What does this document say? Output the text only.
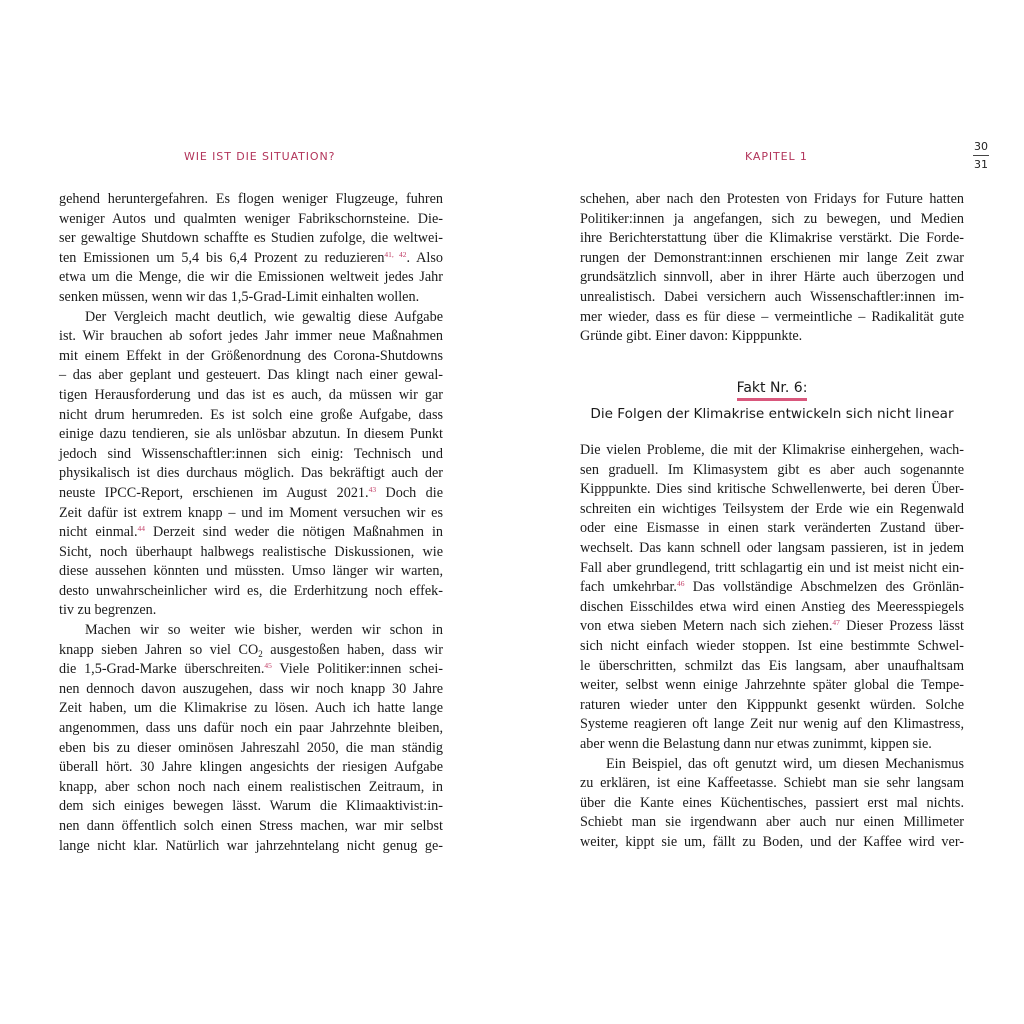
WIE IST DIE SITUATION?	KAPITEL 1
30
31
gehend heruntergefahren. Es flogen weniger Flugzeuge, fuhren
weniger Autos und qualmten weniger Fabrikschornsteine. Die-
ser gewaltige Shutdown schaffte es Studien zufolge, die weltwei-
ten Emissionen um 5,4 bis 6,4 Prozent zu reduzieren$^{41, 42}$. Also
etwa um die Menge, die wir die Emissionen weltweit jedes Jahr
senken müssen, wenn wir das 1,5-Grad-Limit einhalten wollen.
Der Vergleich macht deutlich, wie gewaltig diese Aufgabe
ist. Wir brauchen ab sofort jedes Jahr immer neue Maßnahmen
mit einem Effekt in der Größenordnung des Corona-Shutdowns
– das aber geplant und gesteuert. Das klingt nach einer gewal-
tigen Herausforderung und das ist es auch, da müssen wir gar
nicht drum herumreden. Es ist solch eine große Aufgabe, dass
einige dazu tendieren, sie als unlösbar abzutun. In diesem Punkt
jedoch sind Wissenschaftler:innen sich einig: Technisch und
physikalisch ist dies durchaus möglich. Das bekräftigt auch der
neuste IPCC-Report, erschienen im August 2021.43 Doch die
Zeit dafür ist extrem knapp – und im Moment versuchen wir es
nicht einmal.$^{44}$ Derzeit sind weder die nötigen Maßnahmen in
Sicht, noch überhaupt halbwegs realistische Diskussionen, wie
diese aussehen könnten und müssten. Umso länger wir warten,
desto unwahrscheinlicher wird es, die Erderhitzung noch effek-
tiv zu begrenzen.
Machen wir so weiter wie bisher, werden wir schon in
knapp sieben Jahren so viel $CO_2$ ausgestoßen haben, dass wir
die 1,5-Grad-Marke überschreiten.$^{45}$ Viele Politiker:innen schei-
nen dennoch davon auszugehen, dass wir noch knapp 30 Jahre
Zeit haben, um die Klimakrise zu lösen. Auch ich hatte lange
angenommen, dass uns dafür noch ein paar Jahrzehnte bleiben,
eben bis zu dieser ominösen Jahreszahl 2050, die man ständig
überall hört. 30 Jahre klingen angesichts der riesigen Aufgabe
knapp, aber schon noch nach einem realistischen Zeitraum, in
dem sich einiges bewegen lässt. Warum die Klimaaktivist:in-
nen dann öffentlich solch einen Stress machen, war mir selbst
lange nicht klar. Natürlich war jahrzehntelang nicht genug ge-
schehen, aber nach den Protesten von Fridays for Future hatten
Politiker:innen ja angefangen, sich zu bewegen, und Medien
ihre Berichterstattung über die Klimakrise verstärkt. Die Forde-
rungen der Demonstrant:innen erschienen mir lange Zeit zwar
grundsätzlich sinnvoll, aber in ihrer Härte auch überzogen und
unrealistisch. Dabei versichern auch Wissenschaftler:innen im-
mer wieder, dass es für diese – vermeintliche – Radikalität gute
Gründe gibt. Einer davon: Kipppunkte.
Fakt Nr. 6:
Die Folgen der Klimakrise entwickeln sich nicht linear
Die vielen Probleme, die mit der Klimakrise einhergehen, wach-
sen graduell. Im Klimasystem gibt es aber auch sogenannte
Kipppunkte. Dies sind kritische Schwellenwerte, bei deren Über-
schreiten ein wichtiges Teilsystem der Erde wie ein Regenwald
oder eine Eismasse in einen stark veränderten Zustand über-
wechselt. Das kann schnell oder langsam passieren, ist in jedem
Fall aber grundlegend, tritt schlagartig ein und ist meist nicht ein-
fach umkehrbar.$^{46}$ Das vollständige Abschmelzen des Grönlän-
dischen Eisschildes etwa wird einen Anstieg des Meeresspiegels
von etwa sieben Metern nach sich ziehen.$^{47}$ Dieser Prozess lässt
sich nicht einfach wieder stoppen. Ist eine bestimmte Schwel-
le überschritten, schmilzt das Eis langsam, aber unaufhaltsam
weiter, selbst wenn einige Jahrzehnte später global die Tempe-
raturen wieder unter den Kipppunkt gesenkt würden. Solche
Systeme reagieren oft lange Zeit nur wenig auf den Klimastress,
aber wenn die Belastung dann nur etwas zunimmt, kippen sie.
Ein Beispiel, das oft genutzt wird, um diesen Mechanismus
zu erklären, ist eine Kaffeetasse. Schiebt man sie sehr langsam
über die Kante eines Küchentisches, passiert erst mal nichts.
Schiebt man sie irgendwann aber auch nur einen Millimeter
weiter, kippt sie um, fällt zu Boden, und der Kaffee wird ver-
